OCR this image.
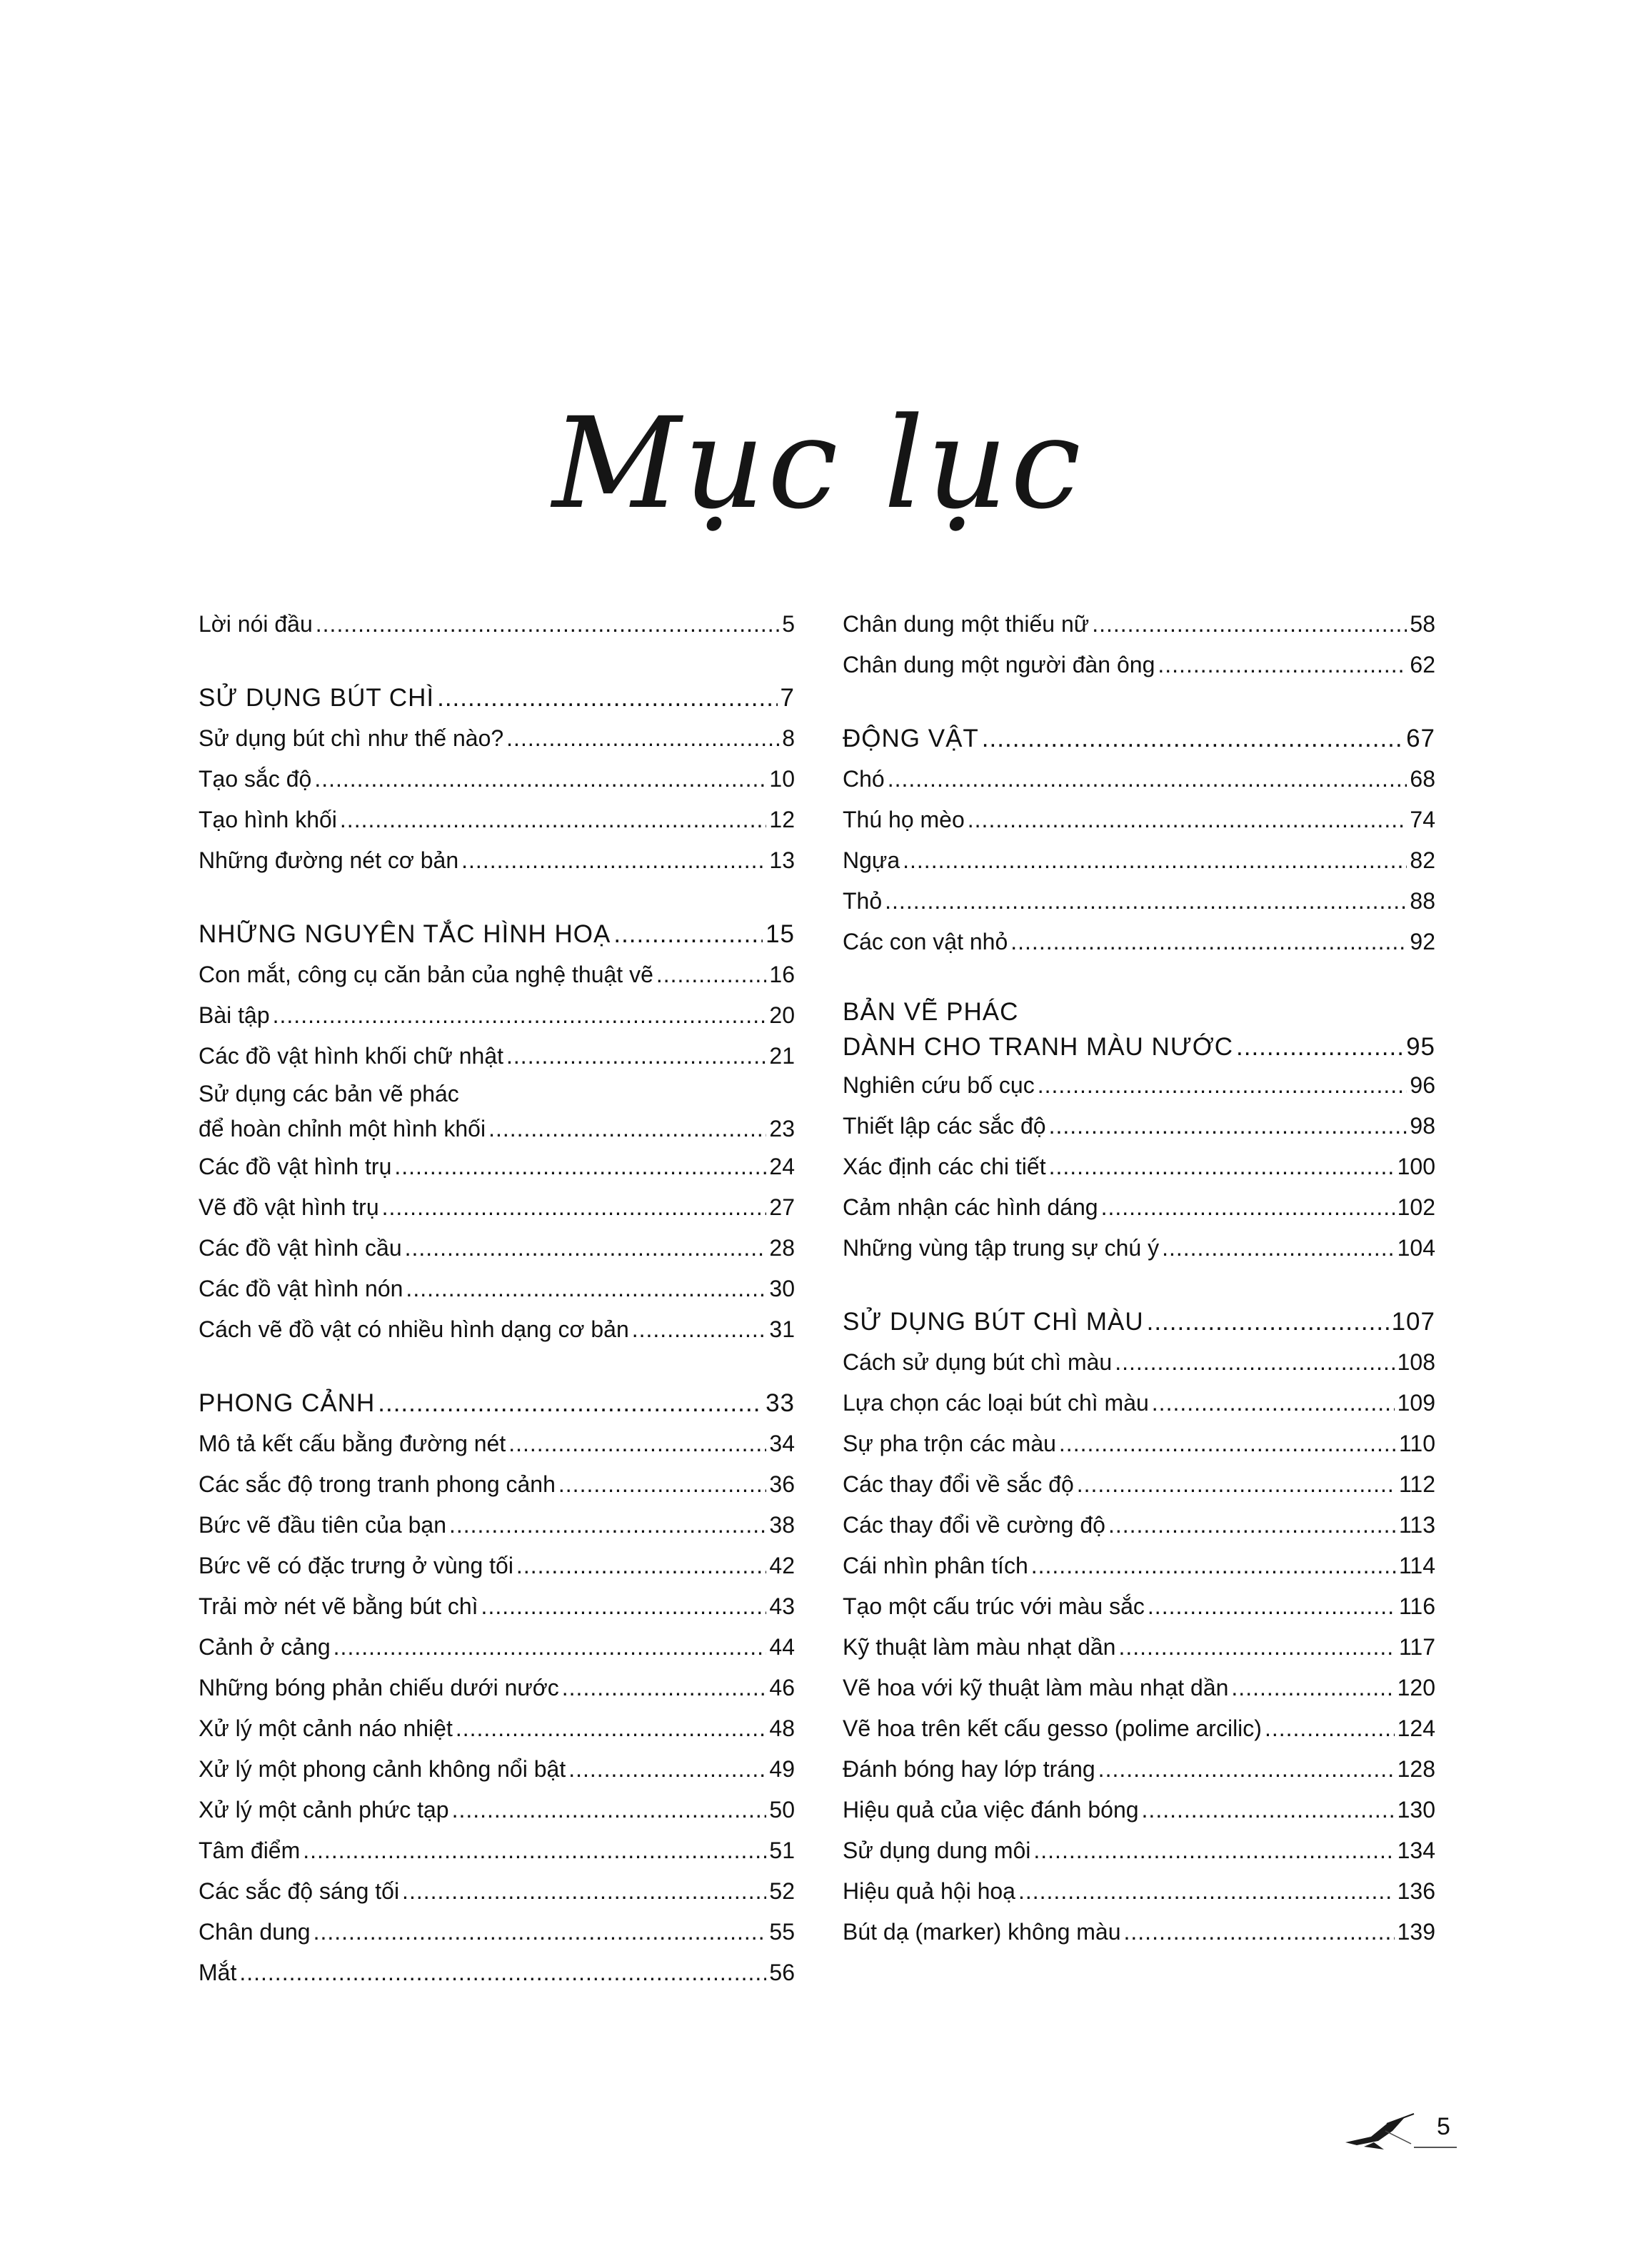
Mục lục
Lời nói đầu .....	5
SỬ DỤNG BÚT CHÌ .....	7
Sử dụng bút chì như thế nào? .....	8
Tạo sắc độ .....	10
Tạo hình khối .....	12
Những đường nét cơ bản .....	13
NHỮNG NGUYÊN TẮC HÌNH HOẠ .....	15
Con mắt, công cụ căn bản của nghệ thuật vẽ .....	16
Bài tập .....	20
Các đồ vật hình khối chữ nhật .....	21
Sử dụng các bản vẽ phác
để hoàn chỉnh một hình khối .....	23
Các đồ vật hình trụ .....	24
Vẽ đồ vật hình trụ .....	27
Các đồ vật hình cầu .....	28
Các đồ vật hình nón .....	30
Cách vẽ đồ vật có nhiều hình dạng cơ bản .....	31
PHONG CẢNH .....	33
Mô tả kết cấu bằng đường nét .....	34
Các sắc độ trong tranh phong cảnh .....	36
Bức vẽ đầu tiên của bạn .....	38
Bức vẽ có đặc trưng ở vùng tối .....	42
Trải mờ nét vẽ bằng bút chì .....	43
Cảnh ở cảng .....	44
Những bóng phản chiếu dưới nước .....	46
Xử lý một cảnh náo nhiệt .....	48
Xử lý một phong cảnh không nổi bật .....	49
Xử lý một cảnh phức tạp .....	50
Tâm điểm .....	51
Các sắc độ sáng tối .....	52
Chân dung .....	55
Mắt .....	56
Chân dung một thiếu nữ .....	58
Chân dung một người đàn ông .....	62
ĐỘNG VẬT .....	67
Chó .....	68
Thú họ mèo .....	74
Ngựa .....	82
Thỏ .....	88
Các con vật nhỏ .....	92
BẢN VẼ PHÁC
DÀNH CHO TRANH MÀU NƯỚC .....	95
Nghiên cứu bố cục .....	96
Thiết lập các sắc độ .....	98
Xác định các chi tiết .....	100
Cảm nhận các hình dáng .....	102
Những vùng tập trung sự chú ý .....	104
SỬ DỤNG BÚT CHÌ MÀU .....	107
Cách sử dụng bút chì màu .....	108
Lựa chọn các loại bút chì màu .....	109
Sự pha trộn các màu .....	110
Các thay đổi về sắc độ .....	112
Các thay đổi về cường độ .....	113
Cái nhìn phân tích .....	114
Tạo một cấu trúc với màu sắc .....	116
Kỹ thuật làm màu nhạt dần .....	117
Vẽ hoa với kỹ thuật làm màu nhạt dần .....	120
Vẽ hoa trên kết cấu gesso (polime arcilic) .....	124
Đánh bóng hay lớp tráng .....	128
Hiệu quả của việc đánh bóng .....	130
Sử dụng dung môi .....	134
Hiệu quả hội hoạ .....	136
Bút dạ (marker) không màu .....	139
5
